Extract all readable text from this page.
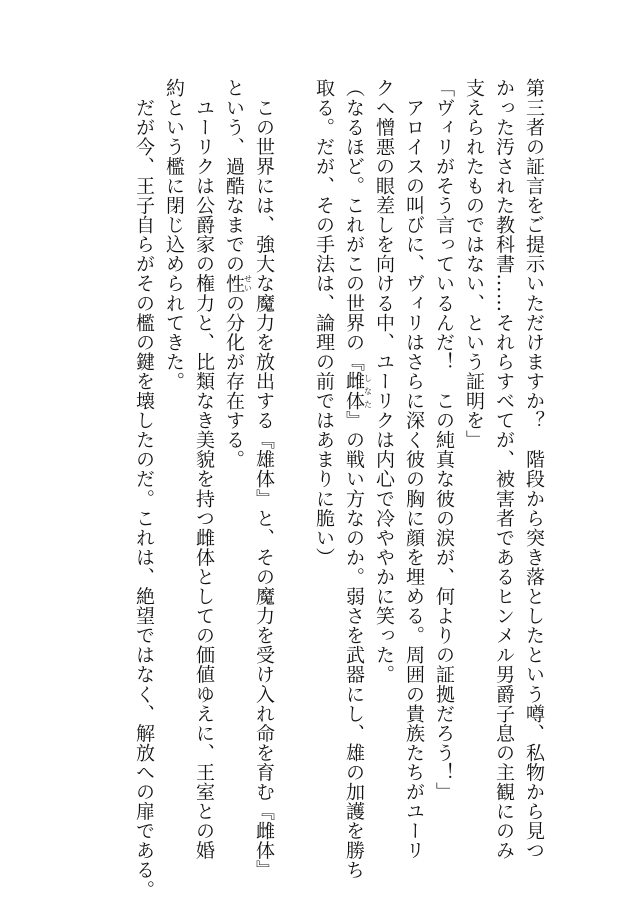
第三者の証言をご提示いただけますか？　階段から突き落としたという噂、私物から見つ
かった汚された教科書……それらすべてが、被害者であるヒンメル男爵子息の主観にのみ
支えられたものではない、という証明を」
「ヴィリがそう言っているんだ！　この純真な彼の涙が、何よりの証拠だろう！」
　アロイスの叫びに、ヴィリはさらに深く彼の胸に顔を埋める。周囲の貴族たちがユーリ
クへ憎悪の眼差しを向ける中、ユーリクは内心で冷ややかに笑った。
（なるほど。これがこの世界の『雌体しなた』の戦い方なのか。弱さを武器にし、雄の加護を勝ち
取る。だが、その手法は、論理の前ではあまりに脆い）
　この世界には、強大な魔力を放出する『雄体』と、その魔力を受け入れ命を育む『雌体』
という、過酷なまでの性せいの分化が存在する。
　ユーリクは公爵家の権力と、比類なき美貌を持つ雌体としての価値ゆえに、王室との婚
約という檻に閉じ込められてきた。
　だが今、王子自らがその檻の鍵を壊したのだ。これは、絶望ではなく、解放への扉である。
